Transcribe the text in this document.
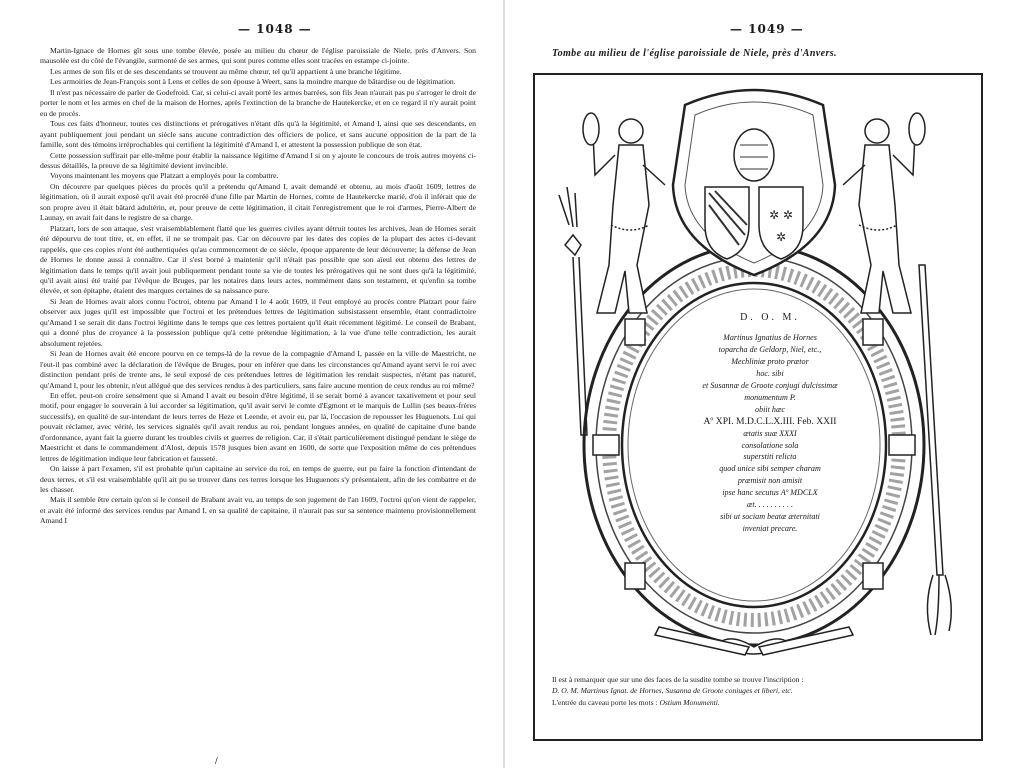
— 1048 —	— 1049 —

Martin-Ignace de Hornes gît sous une tombe élevée, posée au milieu du chœur de l'église paroissiale de Niele, près d'Anvers. Son mausolée est du côté de l'évangile, surmonté de ses armes, qui sont pures comme elles sont tracées en estampe ci-jointe.

Les armes de son fils et de ses descendants se trouvent au même chœur, tel qu'il appartient à une branche légitime.

Les armoiries de Jean-François sont à Lens et celles de son épouse à Weert, sans la moindre marque de bâtardise ou de légitimation.

Il n'est pas nécessaire de parler de Godefroid. Car, si celui-ci avait porté les armes barrées, son fils Jean n'aurait pas pu s'arroger le droit de porter le nom et les armes en chef de la maison de Hornes, après l'extinction de la branche de Hautekercke, et en ce regard il n'y aurait point eu de procès.

Tous ces faits d'honneur, toutes ces distinctions et prérogatives n'étant dûs qu'à la légitimité, et Amand I, ainsi que ses descendants, en ayant publiquement joui pendant un siècle sans aucune contradiction des officiers de police, et sans aucune opposition de la part de la famille, sont des témoins irréprochables qui certifient la légitimité d'Amand I, et attestent la possession publique de son état.

Cette possession suffirait par elle-même pour établir la naissance légitime d'Amand I si on y ajoute le concours de trois autres moyens ci-dessus détaillés, la preuve de sa légitimité devient invincible.

Voyons maintenant les moyens que Platzart a employés pour la combattre.

On découvre par quelques pièces du procès qu'il a prétendu qu'Amand I, avait demandé et obtenu, au mois d'août 1609, lettres de légitimation, où il aurait exposé qu'il avait été procréé d'une fille par Martin de Hornes, comte de Hautekercke marié, d'où il inférait que de son propre aveu il était bâtard adultérin, et, pour preuve de cette légitimation, il citait l'enregistrement que le roi d'armes, Pierre-Albert de Launay, en avait fait dans le registre de sa charge.

Platzart, lors de son attaque, s'est vraisemblablement flatté que les guerres civiles ayant détruit toutes les archives, Jean de Hornes serait été dépourvu de tout titre, et, en effet, il ne se trompait pas. Car on découvre par les dates des copies de la plupart des actes ci-devant rappelés, que ces copies n'ont été authentiquées qu'au commencement de ce siècle, époque apparente de leur découverte; la défense de Jean de Hornes le donne aussi à connaître. Car il s'est borné à maintenir qu'il n'était pas possible que son aïeul eut obtenu des lettres de légitimation dans le temps qu'il avait joui publiquement pendant toute sa vie de toutes les prérogatives qui ne sont dues qu'à la légitimité, qu'il avait ainsi été traité par l'évêque de Bruges, par les notaires dans leurs actes, nommément dans son testament, et qu'enfin sa tombe élevée, et son épitaphe, étaient des marques certaines de sa naissance pure.

Si Jean de Hornes avait alors connu l'octroi, obtenu par Amand I le 4 août 1609, il l'eut employé au procès contre Platzart pour faire observer aux juges qu'il est impossible que l'octroi et les prétendues lettres de légitimation subsistassent ensemble, étant contradictoire qu'Amand I se serait dit dans l'octroi légitime dans le temps que ces lettres portaient qu'il était récemment légitimé. Le conseil de Brabant, qui a donné plus de croyance à la possession publique qu'à cette prétendue légitimation, à la vue d'une telle contradiction, les aurait absolument rejetées.

Si Jean de Hornes avait été encore pourvu en ce temps-là de la revue de la compagnie d'Amand I, passée en la ville de Maestricht, ne l'eut-il pas combiné avec la déclaration de l'évêque de Bruges, pour en inférer que dans les circonstances qu'Amand ayant servi le roi avec distinction pendant près de trente ans, le seul exposé de ces prétendues lettres de légitimation les rendait suspectes, n'étant pas naturel, qu'Amand I, pour les obtenir, n'eut allégué que des services rendus à des particuliers, sans faire aucune mention de ceux rendus au roi même?

En effet, peut-on croire sensément que si Amand I avait eu besoin d'être légitimé, il se serait borné à avancer taxativement et pour seul motif, pour engager le souverain à lui accorder sa légitimation, qu'il avait servi le comte d'Egmont et le marquis de Lullin (ses beaux-frères successifs), en qualité de sur-intendant de leurs terres de Heze et Leende, et avoir eu, par là, l'occasion de repousser les Huguenots. Lui qui pouvait réclamer, avec vérité, les services signalés qu'il avait rendus au roi, pendant longues années, en qualité de capitaine d'une bande d'ordonnance, ayant fait la guerre durant les troubles civils et guerres de religion. Car, il s'était particulièrement distingué pendant le siège de Maestricht et dans le commandement d'Alost, depuis 1578 jusques bien avant en 1600, de sorte que l'exposition même de ces prétendues lettres de légitimation indique leur fabrication et fausseté.

On laisse à part l'examen, s'il est probable qu'un capitaine au service du roi, en temps de guerre, eut pu faire la fonction d'intendant de deux terres, et s'il est vraisemblable qu'il ait pu se trouver dans ces terres lorsque les Huguenots s'y présentaient, afin de les combattre et de les chasser.

Mais il semble être certain qu'on si le conseil de Brabant avait vu, au temps de son jugement de l'an 1609, l'octroi qu'on vient de rappeler, et avait été informé des services rendus par Amand I, en sa qualité de capitaine, il n'aurait pas sur sa sentence maintenu provisionnellement Amand I

/
Tombe au milieu de l'église paroissiale de Niele, près d'Anvers.
✲ ✲
✲
D. O. M.
Martinus Ignatius de Hornes
toparcha de Geldorp, Niel, etc.,
Mechliniæ proto prætor
hoc. sibi
et Susannæ de Groote conjugi dulcissimæ
monumentum P.
obiit hæc
Aº XPI. M.D.C.L.X.III. Feb. XXII
ætatis suæ XXXI
consolatione sola
superstiti relicta
quod unice sibi semper charam
præmisit non amisit
ipse hanc secutus Aº MDCLX
æt. . . . . . . . . .
sibi ut sociam beatæ æternitati
inveniat precare.
Il est à remarquer que sur une des faces de la susdite tombe se trouve l'inscription :
D. O. M. Martinus Ignat. de Hornes, Susanna de Groote coniuges et liberi, etc.
L'entrée du caveau porte les mots : Ostium Monumenti.
